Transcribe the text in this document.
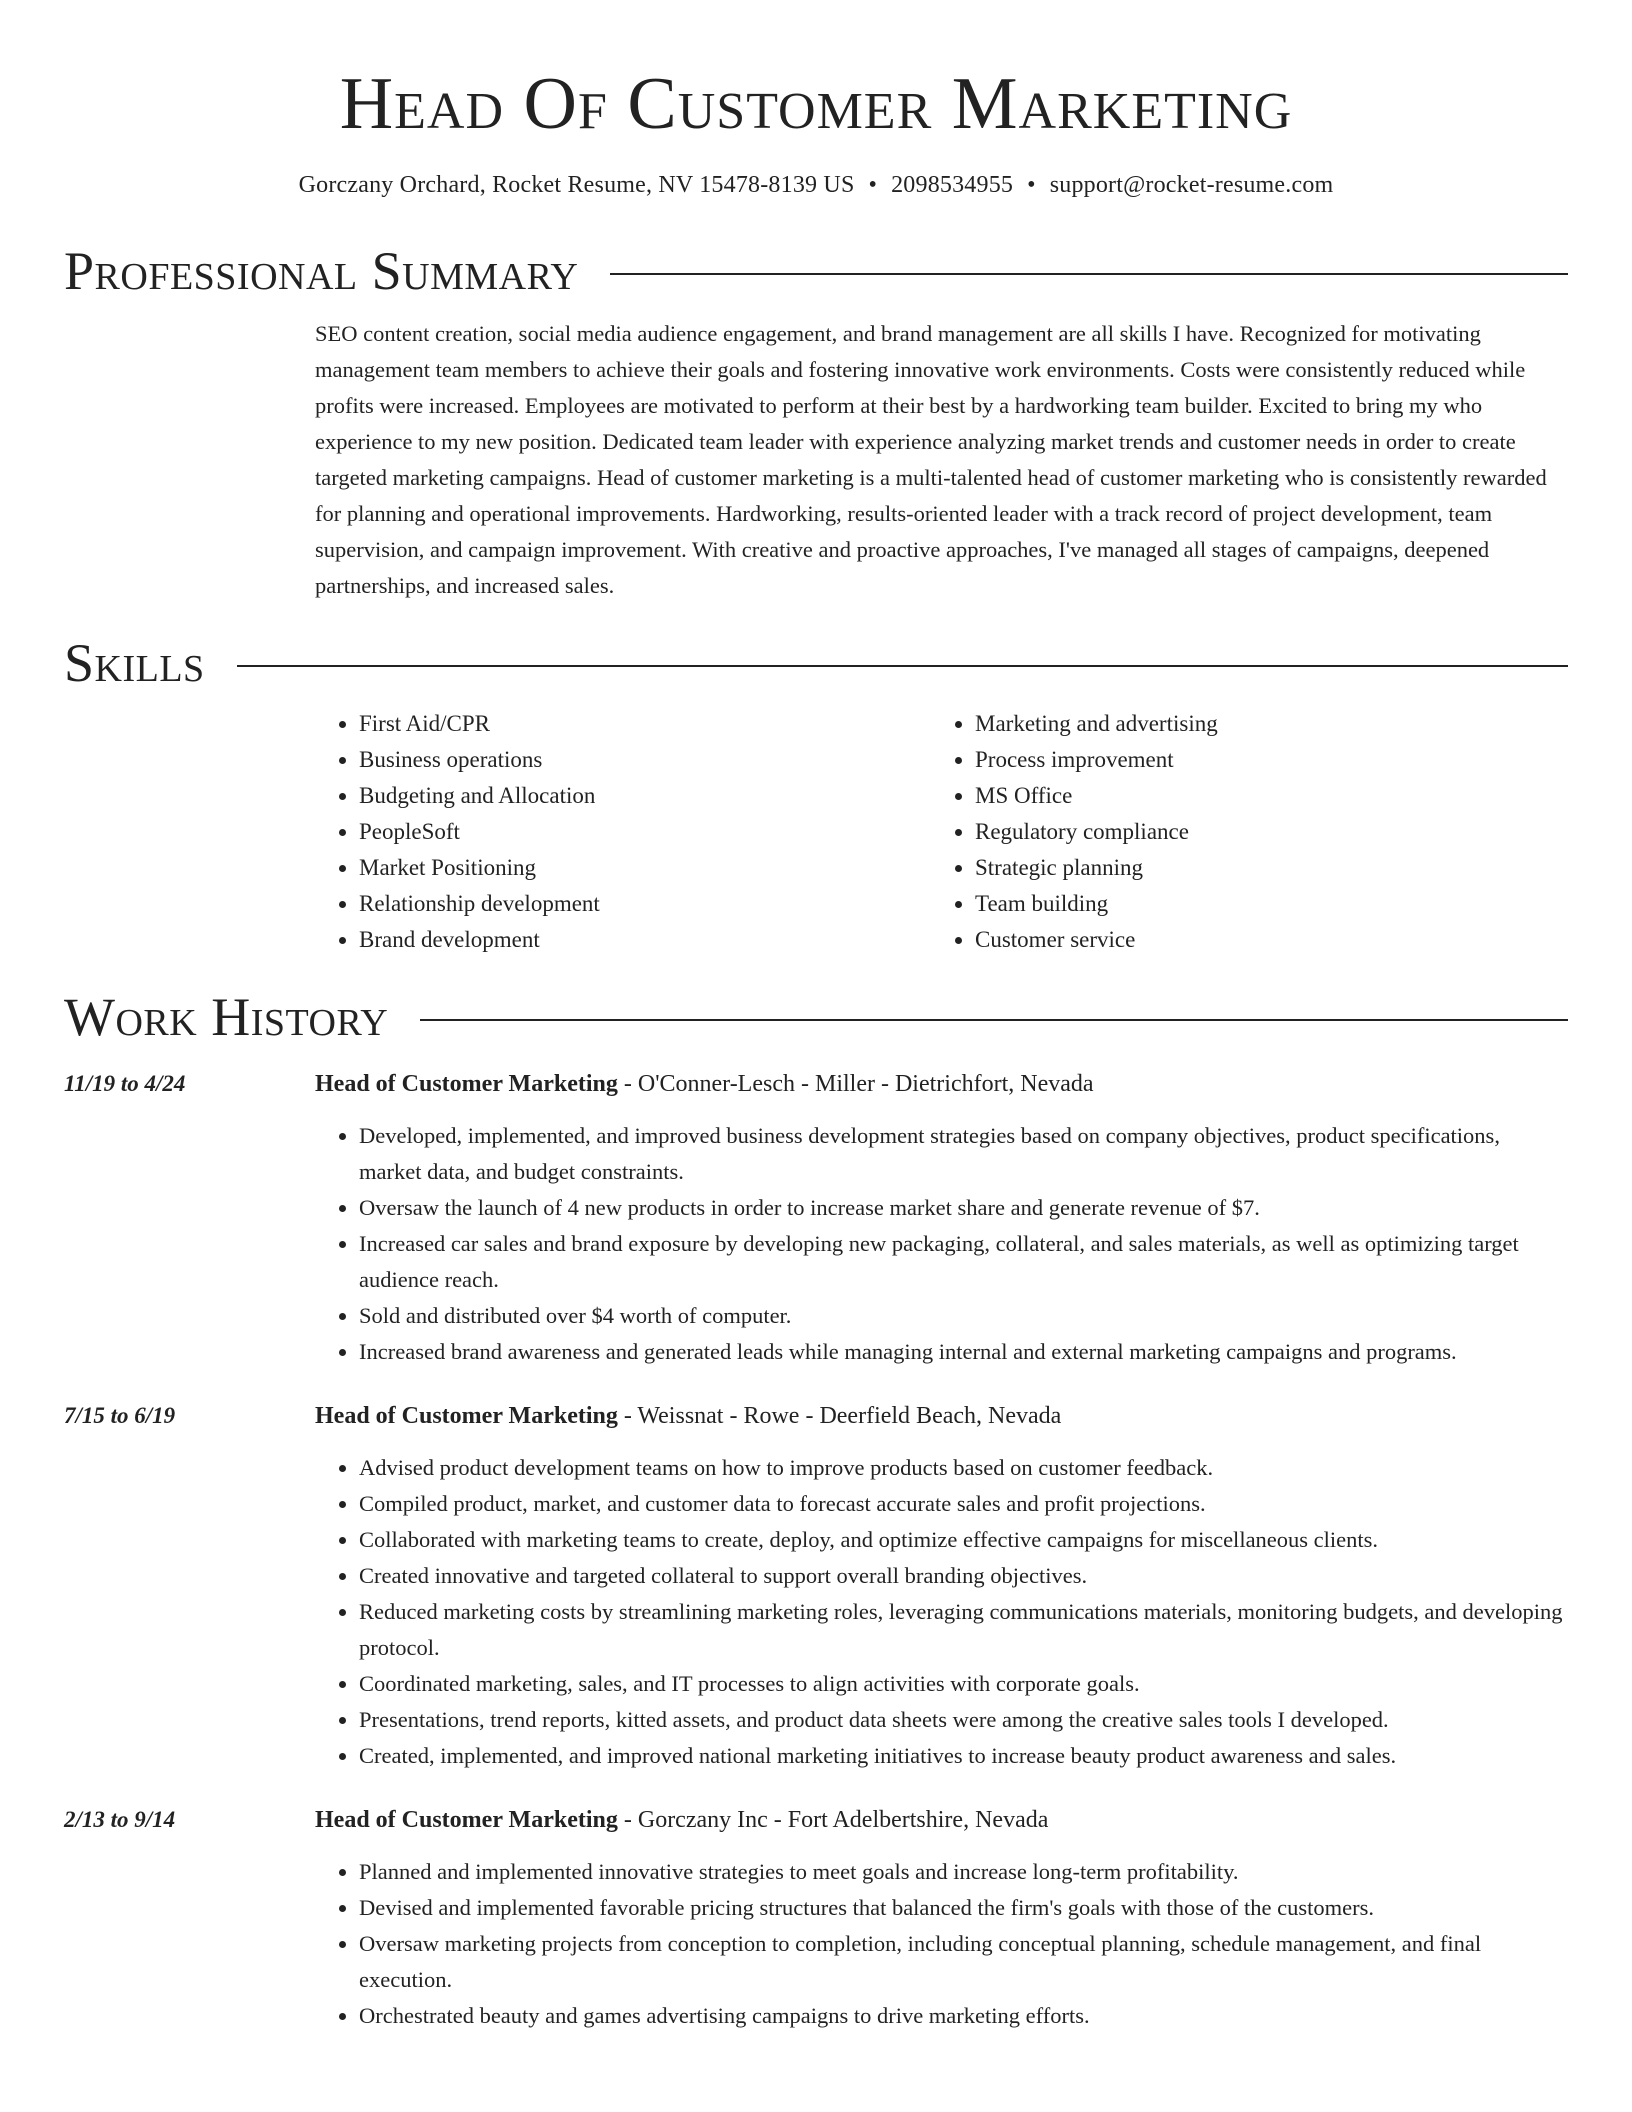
Head Of Customer Marketing
Gorczany Orchard, Rocket Resume, NV 15478-8139 US • 2098534955 • support@rocket-resume.com
Professional Summary
SEO content creation, social media audience engagement, and brand management are all skills I have. Recognized for motivating management team members to achieve their goals and fostering innovative work environments. Costs were consistently reduced while profits were increased. Employees are motivated to perform at their best by a hardworking team builder. Excited to bring my who experience to my new position. Dedicated team leader with experience analyzing market trends and customer needs in order to create targeted marketing campaigns. Head of customer marketing is a multi-talented head of customer marketing who is consistently rewarded for planning and operational improvements. Hardworking, results-oriented leader with a track record of project development, team supervision, and campaign improvement. With creative and proactive approaches, I've managed all stages of campaigns, deepened partnerships, and increased sales.
Skills
• First Aid/CPR
• Business operations
• Budgeting and Allocation
• PeopleSoft
• Market Positioning
• Relationship development
• Brand development
• Marketing and advertising
• Process improvement
• MS Office
• Regulatory compliance
• Strategic planning
• Team building
• Customer service
Work History
11/19 to 4/24	Head of Customer Marketing - O'Conner-Lesch - Miller - Dietrichfort, Nevada
• Developed, implemented, and improved business development strategies based on company objectives, product specifications, market data, and budget constraints.
• Oversaw the launch of 4 new products in order to increase market share and generate revenue of $7.
• Increased car sales and brand exposure by developing new packaging, collateral, and sales materials, as well as optimizing target audience reach.
• Sold and distributed over $4 worth of computer.
• Increased brand awareness and generated leads while managing internal and external marketing campaigns and programs.
7/15 to 6/19	Head of Customer Marketing - Weissnat - Rowe - Deerfield Beach, Nevada
• Advised product development teams on how to improve products based on customer feedback.
• Compiled product, market, and customer data to forecast accurate sales and profit projections.
• Collaborated with marketing teams to create, deploy, and optimize effective campaigns for miscellaneous clients.
• Created innovative and targeted collateral to support overall branding objectives.
• Reduced marketing costs by streamlining marketing roles, leveraging communications materials, monitoring budgets, and developing protocol.
• Coordinated marketing, sales, and IT processes to align activities with corporate goals.
• Presentations, trend reports, kitted assets, and product data sheets were among the creative sales tools I developed.
• Created, implemented, and improved national marketing initiatives to increase beauty product awareness and sales.
2/13 to 9/14	Head of Customer Marketing - Gorczany Inc - Fort Adelbertshire, Nevada
• Planned and implemented innovative strategies to meet goals and increase long-term profitability.
• Devised and implemented favorable pricing structures that balanced the firm's goals with those of the customers.
• Oversaw marketing projects from conception to completion, including conceptual planning, schedule management, and final execution.
• Orchestrated beauty and games advertising campaigns to drive marketing efforts.
